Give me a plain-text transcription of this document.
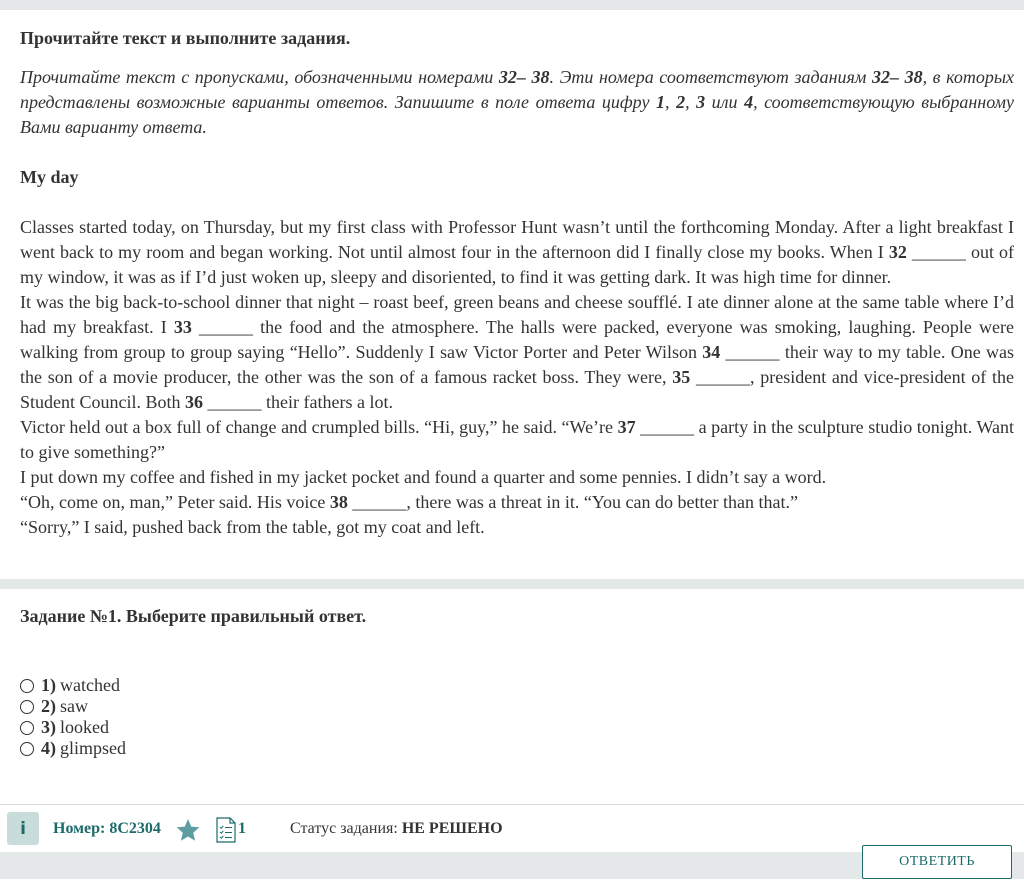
Прочитайте текст и выполните задания.

Прочитайте текст с пропусками, обозначенными номерами 32– 38. Эти номера соответствуют заданиям 32– 38, в которых представлены возможные варианты ответов. Запишите в поле ответа цифру 1, 2, 3 или 4, соответствующую выбранному Вами варианту ответа.

My day

Classes started today, on Thursday, but my first class with Professor Hunt wasn’t until the forthcoming Monday. After a light breakfast I went back to my room and began working. Not until almost four in the afternoon did I finally close my books. When I 32 ______ out of my window, it was as if I’d just woken up, sleepy and disoriented, to find it was getting dark. It was high time for dinner.

It was the big back-to-school dinner that night – roast beef, green beans and cheese soufflé. I ate dinner alone at the same table where I’d had my breakfast. I 33 ______ the food and the atmosphere. The halls were packed, everyone was smoking, laughing. People were walking from group to group saying “Hello”. Suddenly I saw Victor Porter and Peter Wilson 34 ______ their way to my table. One was the son of a movie producer, the other was the son of a famous racket boss. They were, 35 ______, president and vice-president of the Student Council. Both 36 ______ their fathers a lot.

Victor held out a box full of change and crumpled bills. “Hi, guy,” he said. “We’re 37 ______ a party in the sculpture studio tonight. Want to give something?”

I put down my coffee and fished in my jacket pocket and found a quarter and some pennies. I didn’t say a word.

“Oh, come on, man,” Peter said. His voice 38 ______, there was a threat in it. “You can do better than that.”

“Sorry,” I said, pushed back from the table, got my coat and left.

Задание №1. Выберите правильный ответ.

1) watched
2) saw
3) looked
4) glimpsed
i	Номер: 8C2304	1	Статус задания: НЕ РЕШЕНО
ОТВЕТИТЬ
